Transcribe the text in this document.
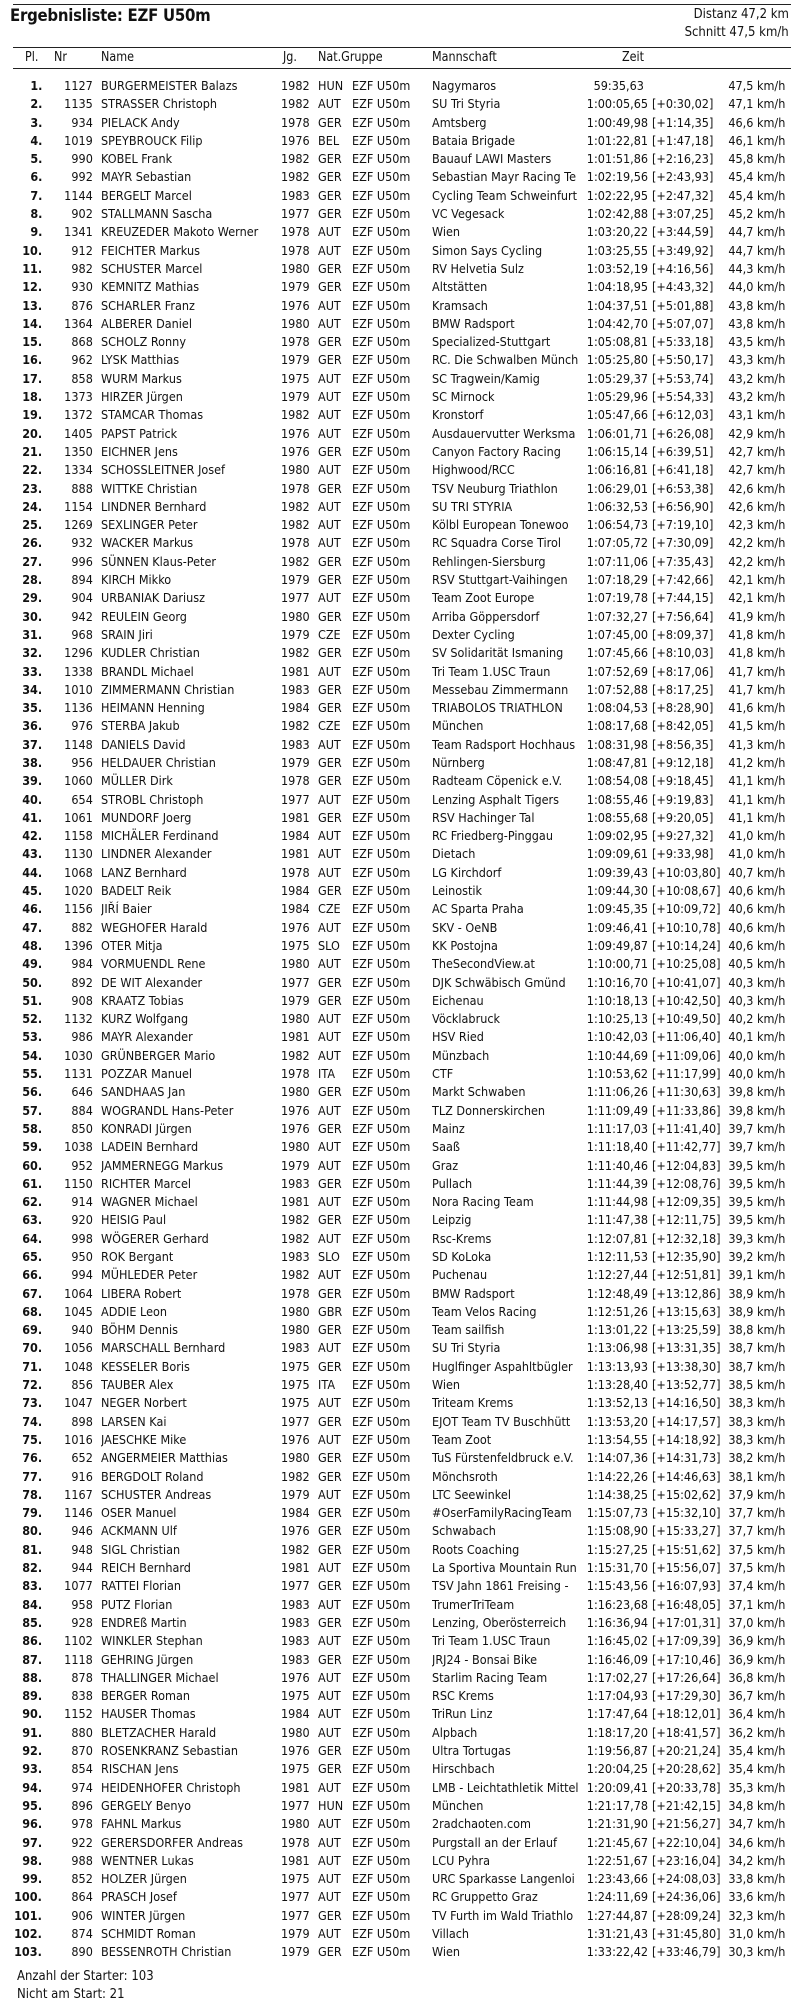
Ergebnisliste: EZF U50m	Distanz 47,2 km
Schnitt 47,5 km/h
Pl. Nr	Name	Jg. Nat.Gruppe	Mannschaft	Zeit
1.	1127 BURGERMEISTER Balazs	1982 HUN EZF U50m	Nagymaros	59:35,63	47,5 km/h
2.	1135 STRASSER Christoph	1982 AUT EZF U50m	SU Tri Styria	1:00:05,65 [+0:30,02]	47,1 km/h
3.	934 PIELACK Andy	1978 GER EZF U50m	Amtsberg	1:00:49,98 [+1:14,35]	46,6 km/h
4.	1019 SPEYBROUCK Filip	1976 BEL EZF U50m	Bataia Brigade	1:01:22,81 [+1:47,18]	46,1 km/h
5.	990 KOBEL Frank	1982 GER EZF U50m	Bauauf LAWI Masters	1:01:51,86 [+2:16,23]	45,8 km/h
6.	992 MAYR Sebastian	1982 GER EZF U50m	Sebastian Mayr Racing Te 1:02:19,56 [+2:43,93]	45,4 km/h
7.	1144 BERGELT Marcel	1983 GER EZF U50m	Cycling Team Schweinfurt 1:02:22,95 [+2:47,32]	45,4 km/h
8.	902 STALLMANN Sascha	1977 GER EZF U50m	VC Vegesack	1:02:42,88 [+3:07,25]	45,2 km/h
9.	1341 KREUZEDER Makoto Werner	1978 AUT EZF U50m	Wien	1:03:20,22 [+3:44,59]	44,7 km/h
10.	912 FEICHTER Markus	1978 AUT EZF U50m	Simon Says Cycling	1:03:25,55 [+3:49,92]	44,7 km/h
11.	982 SCHUSTER Marcel	1980 GER EZF U50m	RV Helvetia Sulz	1:03:52,19 [+4:16,56]	44,3 km/h
12.	930 KEMNITZ Mathias	1979 GER EZF U50m	Altstätten	1:04:18,95 [+4:43,32]	44,0 km/h
13.	876 SCHARLER Franz	1976 AUT EZF U50m	Kramsach	1:04:37,51 [+5:01,88]	43,8 km/h
14.	1364 ALBERER Daniel	1980 AUT EZF U50m	BMW Radsport	1:04:42,70 [+5:07,07]	43,8 km/h
15.	868 SCHOLZ Ronny	1978 GER EZF U50m	Specialized-Stuttgart	1:05:08,81 [+5:33,18]	43,5 km/h
16.	962 LYSK Matthias	1979 GER EZF U50m	RC. Die Schwalben Münch 1:05:25,80 [+5:50,17]	43,3 km/h
17.	858 WURM Markus	1975 AUT EZF U50m	SC Tragwein/Kamig	1:05:29,37 [+5:53,74]	43,2 km/h
18.	1373 HIRZER Jürgen	1979 AUT EZF U50m	SC Mirnock	1:05:29,96 [+5:54,33]	43,2 km/h
19.	1372 STAMCAR Thomas	1982 AUT EZF U50m	Kronstorf	1:05:47,66 [+6:12,03]	43,1 km/h
20.	1405 PAPST Patrick	1976 AUT EZF U50m	Ausdauervutter Werksma 1:06:01,71 [+6:26,08]	42,9 km/h
21.	1350 EICHNER Jens	1976 GER EZF U50m	Canyon Factory Racing	1:06:15,14 [+6:39,51]	42,7 km/h
22.	1334 SCHOSSLEITNER Josef	1980 AUT EZF U50m	Highwood/RCC	1:06:16,81 [+6:41,18]	42,7 km/h
23.	888 WITTKE Christian	1978 GER EZF U50m	TSV Neuburg Triathlon	1:06:29,01 [+6:53,38]	42,6 km/h
24.	1154 LINDNER Bernhard	1982 AUT EZF U50m	SU TRI STYRIA	1:06:32,53 [+6:56,90]	42,6 km/h
25.	1269 SEXLINGER Peter	1982 AUT EZF U50m	Kölbl European Tonewoo	1:06:54,73 [+7:19,10]	42,3 km/h
26.	932 WACKER Markus	1978 AUT EZF U50m	RC Squadra Corse Tirol	1:07:05,72 [+7:30,09]	42,2 km/h
27.	996 SÜNNEN Klaus-Peter	1982 GER EZF U50m	Rehlingen-Siersburg	1:07:11,06 [+7:35,43]	42,2 km/h
28.	894 KIRCH Mikko	1979 GER EZF U50m	RSV Stuttgart-Vaihingen	1:07:18,29 [+7:42,66]	42,1 km/h
29.	904 URBANIAK Dariusz	1977 AUT EZF U50m	Team Zoot Europe	1:07:19,78 [+7:44,15]	42,1 km/h
30.	942 REULEIN Georg	1980 GER EZF U50m	Arriba Göppersdorf	1:07:32,27 [+7:56,64]	41,9 km/h
31.	968 SRAIN Jiri	1979 CZE EZF U50m	Dexter Cycling	1:07:45,00 [+8:09,37]	41,8 km/h
32.	1296 KUDLER Christian	1982 GER EZF U50m	SV Solidarität Ismaning	1:07:45,66 [+8:10,03]	41,8 km/h
33.	1338 BRANDL Michael	1981 AUT EZF U50m	Tri Team 1.USC Traun	1:07:52,69 [+8:17,06]	41,7 km/h
34.	1010 ZIMMERMANN Christian	1983 GER EZF U50m	Messebau Zimmermann	1:07:52,88 [+8:17,25]	41,7 km/h
35.	1136 HEIMANN Henning	1984 GER EZF U50m	TRIABOLOS TRIATHLON	1:08:04,53 [+8:28,90]	41,6 km/h
36.	976 STERBA Jakub	1982 CZE EZF U50m	München	1:08:17,68 [+8:42,05]	41,5 km/h
37.	1148 DANIELS David	1983 AUT EZF U50m	Team Radsport Hochhaus 1:08:31,98 [+8:56,35]	41,3 km/h
38.	956 HELDAUER Christian	1979 GER EZF U50m	Nürnberg	1:08:47,81 [+9:12,18]	41,2 km/h
39.	1060 MÜLLER Dirk	1978 GER EZF U50m	Radteam Cöpenick e.V.	1:08:54,08 [+9:18,45]	41,1 km/h
40.	654 STROBL Christoph	1977 AUT EZF U50m	Lenzing Asphalt Tigers	1:08:55,46 [+9:19,83]	41,1 km/h
41.	1061 MUNDORF Joerg	1981 GER EZF U50m	RSV Hachinger Tal	1:08:55,68 [+9:20,05]	41,1 km/h
42.	1158 MICHÄLER Ferdinand	1984 AUT EZF U50m	RC Friedberg-Pinggau	1:09:02,95 [+9:27,32]	41,0 km/h
43.	1130 LINDNER Alexander	1981 AUT EZF U50m	Dietach	1:09:09,61 [+9:33,98]	41,0 km/h
44.	1068 LANZ Bernhard	1978 AUT EZF U50m	LG Kirchdorf	1:09:39,43 [+10:03,80] 40,7 km/h
45.	1020 BADELT Reik	1984 GER EZF U50m	Leinostik	1:09:44,30 [+10:08,67] 40,6 km/h
46.	1156 JIŘÍ Baier	1984 CZE EZF U50m	AC Sparta Praha	1:09:45,35 [+10:09,72] 40,6 km/h
47.	882 WEGHOFER Harald	1976 AUT EZF U50m	SKV - OeNB	1:09:46,41 [+10:10,78] 40,6 km/h
48.	1396 OTER Mitja	1975 SLO EZF U50m	KK Postojna	1:09:49,87 [+10:14,24] 40,6 km/h
49.	984 VORMUENDL Rene	1980 AUT EZF U50m	TheSecondView.at	1:10:00,71 [+10:25,08] 40,5 km/h
50.	892 DE WIT Alexander	1977 GER EZF U50m	DJK Schwäbisch Gmünd	1:10:16,70 [+10:41,07] 40,3 km/h
51.	908 KRAATZ Tobias	1979 GER EZF U50m	Eichenau	1:10:18,13 [+10:42,50] 40,3 km/h
52.	1132 KURZ Wolfgang	1980 AUT EZF U50m	Vöcklabruck	1:10:25,13 [+10:49,50] 40,2 km/h
53.	986 MAYR Alexander	1981 AUT EZF U50m	HSV Ried	1:10:42,03 [+11:06,40] 40,1 km/h
54.	1030 GRÜNBERGER Mario	1982 AUT EZF U50m	Münzbach	1:10:44,69 [+11:09,06] 40,0 km/h
55.	1131 POZZAR Manuel	1978 ITA EZF U50m	CTF	1:10:53,62 [+11:17,99] 40,0 km/h
56.	646 SANDHAAS Jan	1980 GER EZF U50m	Markt Schwaben	1:11:06,26 [+11:30,63] 39,8 km/h
57.	884 WOGRANDL Hans-Peter	1976 AUT EZF U50m	TLZ Donnerskirchen	1:11:09,49 [+11:33,86] 39,8 km/h
58.	850 KONRADI Jürgen	1976 GER EZF U50m	Mainz	1:11:17,03 [+11:41,40] 39,7 km/h
59.	1038 LADEIN Bernhard	1980 AUT EZF U50m	Saaß	1:11:18,40 [+11:42,77] 39,7 km/h
60.	952 JAMMERNEGG Markus	1979 AUT EZF U50m	Graz	1:11:40,46 [+12:04,83] 39,5 km/h
61.	1150 RICHTER Marcel	1983 GER EZF U50m	Pullach	1:11:44,39 [+12:08,76] 39,5 km/h
62.	914 WAGNER Michael	1981 AUT EZF U50m	Nora Racing Team	1:11:44,98 [+12:09,35] 39,5 km/h
63.	920 HEISIG Paul	1982 GER EZF U50m	Leipzig	1:11:47,38 [+12:11,75] 39,5 km/h
64.	998 WÖGERER Gerhard	1982 AUT EZF U50m	Rsc-Krems	1:12:07,81 [+12:32,18] 39,3 km/h
65.	950 ROK Bergant	1983 SLO EZF U50m	SD KoLoka	1:12:11,53 [+12:35,90] 39,2 km/h
66.	994 MÜHLEDER Peter	1982 AUT EZF U50m	Puchenau	1:12:27,44 [+12:51,81] 39,1 km/h
67.	1064 LIBERA Robert	1978 GER EZF U50m	BMW Radsport	1:12:48,49 [+13:12,86] 38,9 km/h
68.	1045 ADDIE Leon	1980 GBR EZF U50m	Team Velos Racing	1:12:51,26 [+13:15,63] 38,9 km/h
69.	940 BÖHM Dennis	1980 GER EZF U50m	Team sailfish	1:13:01,22 [+13:25,59] 38,8 km/h
70.	1056 MARSCHALL Bernhard	1983 AUT EZF U50m	SU Tri Styria	1:13:06,98 [+13:31,35] 38,7 km/h
71.	1048 KESSELER Boris	1975 GER EZF U50m	Huglfinger Aspahltbügler	1:13:13,93 [+13:38,30] 38,7 km/h
72.	856 TAUBER Alex	1975 ITA EZF U50m	Wien	1:13:28,40 [+13:52,77] 38,5 km/h
73.	1047 NEGER Norbert	1975 AUT EZF U50m	Triteam Krems	1:13:52,13 [+14:16,50] 38,3 km/h
74.	898 LARSEN Kai	1977 GER EZF U50m	EJOT Team TV Buschhütt	1:13:53,20 [+14:17,57] 38,3 km/h
75.	1016 JAESCHKE Mike	1976 AUT EZF U50m	Team Zoot	1:13:54,55 [+14:18,92] 38,3 km/h
76.	652 ANGERMEIER Matthias	1980 GER EZF U50m	TuS Fürstenfeldbruck e.V.	1:14:07,36 [+14:31,73] 38,2 km/h
77.	916 BERGDOLT Roland	1982 GER EZF U50m	Mönchsroth	1:14:22,26 [+14:46,63] 38,1 km/h
78.	1167 SCHUSTER Andreas	1979 AUT EZF U50m	LTC Seewinkel	1:14:38,25 [+15:02,62] 37,9 km/h
79.	1146 OSER Manuel	1984 GER EZF U50m	#OserFamilyRacingTeam	1:15:07,73 [+15:32,10] 37,7 km/h
80.	946 ACKMANN Ulf	1976 GER EZF U50m	Schwabach	1:15:08,90 [+15:33,27] 37,7 km/h
81.	948 SIGL Christian	1982 GER EZF U50m	Roots Coaching	1:15:27,25 [+15:51,62] 37,5 km/h
82.	944 REICH Bernhard	1981 AUT EZF U50m	La Sportiva Mountain Run 1:15:31,70 [+15:56,07] 37,5 km/h
83.	1077 RATTEI Florian	1977 GER EZF U50m	TSV Jahn 1861 Freising -	1:15:43,56 [+16:07,93] 37,4 km/h
84.	958 PUTZ Florian	1983 AUT EZF U50m	TrumerTriTeam	1:16:23,68 [+16:48,05] 37,1 km/h
85.	928 ENDREß Martin	1983 GER EZF U50m	Lenzing, Oberösterreich	1:16:36,94 [+17:01,31] 37,0 km/h
86.	1102 WINKLER Stephan	1983 AUT EZF U50m	Tri Team 1.USC Traun	1:16:45,02 [+17:09,39] 36,9 km/h
87.	1118 GEHRING Jürgen	1983 GER EZF U50m	JRJ24 - Bonsai Bike	1:16:46,09 [+17:10,46] 36,9 km/h
88.	878 THALLINGER Michael	1976 AUT EZF U50m	Starlim Racing Team	1:17:02,27 [+17:26,64] 36,8 km/h
89.	838 BERGER Roman	1975 AUT EZF U50m	RSC Krems	1:17:04,93 [+17:29,30] 36,7 km/h
90.	1152 HAUSER Thomas	1984 AUT EZF U50m	TriRun Linz	1:17:47,64 [+18:12,01] 36,4 km/h
91.	880 BLETZACHER Harald	1980 AUT EZF U50m	Alpbach	1:18:17,20 [+18:41,57] 36,2 km/h
92.	870 ROSENKRANZ Sebastian	1976 GER EZF U50m	Ultra Tortugas	1:19:56,87 [+20:21,24] 35,4 km/h
93.	854 RISCHAN Jens	1975 GER EZF U50m	Hirschbach	1:20:04,25 [+20:28,62] 35,4 km/h
94.	974 HEIDENHOFER Christoph	1981 AUT EZF U50m	LMB - Leichtathletik Mittel 1:20:09,41 [+20:33,78] 35,3 km/h
95.	896 GERGELY Benyo	1977 HUN EZF U50m	München	1:21:17,78 [+21:42,15] 34,8 km/h
96.	978 FAHNL Markus	1980 AUT EZF U50m	2radchaoten.com	1:21:31,90 [+21:56,27] 34,7 km/h
97.	922 GERERSDORFER Andreas	1978 AUT EZF U50m	Purgstall an der Erlauf	1:21:45,67 [+22:10,04] 34,6 km/h
98.	988 WENTNER Lukas	1981 AUT EZF U50m	LCU Pyhra	1:22:51,67 [+23:16,04] 34,2 km/h
99.	852 HOLZER Jürgen	1975 AUT EZF U50m	URC Sparkasse Langenloi 1:23:43,66 [+24:08,03] 33,8 km/h
100.	864 PRASCH Josef	1977 AUT EZF U50m	RC Gruppetto Graz	1:24:11,69 [+24:36,06] 33,6 km/h
101.	906 WINTER Jürgen	1977 GER EZF U50m	TV Furth im Wald Triathlo	1:27:44,87 [+28:09,24] 32,3 km/h
102.	874 SCHMIDT Roman	1979 AUT EZF U50m	Villach	1:31:21,43 [+31:45,80] 31,0 km/h
103.	890 BESSENROTH Christian	1979 GER EZF U50m	Wien	1:33:22,42 [+33:46,79] 30,3 km/h
Anzahl der Starter: 103
Nicht am Start: 21
